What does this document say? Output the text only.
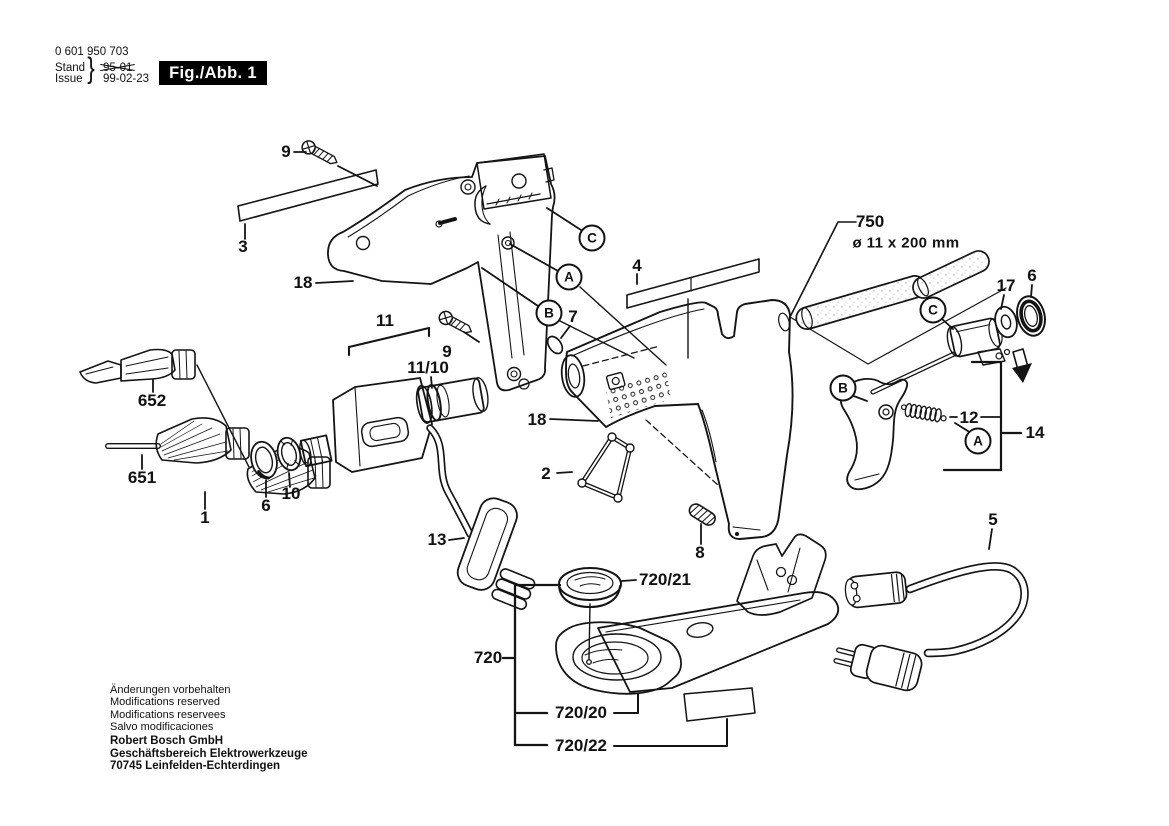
0 601 950 703
Stand
Issue } 95-01
99-02-23	Fig./Abb. 1
9
3
18
11
9
11/10
652
651
1
6
10
13
2
8
4
7
18
750
ø 11 x 200 mm
17
6
12
14
5
720/21
720
720/20
720/22
C
A
B	C
B
A
Änderungen vorbehalten
Modifications reserved
Modifications reservees
Salvo modificaciones
Robert Bosch GmbH
Geschäftsbereich Elektrowerkzeuge
70745 Leinfelden-Echterdingen
